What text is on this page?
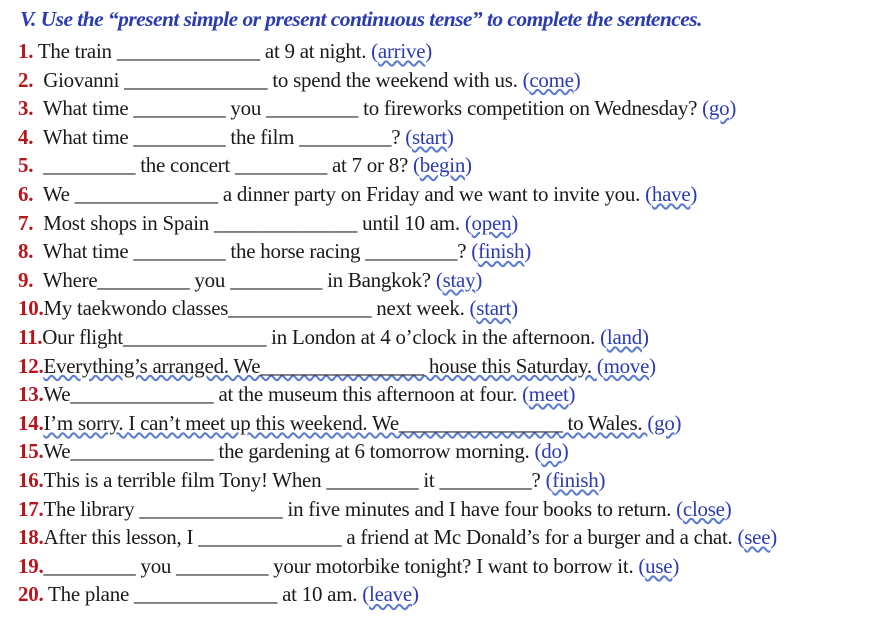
V. Use the “present simple or present continuous tense” to complete the sentences.
1. The train ______________ at 9 at night. (arrive)
2.  Giovanni ______________ to spend the weekend with us. (come)
3.  What time _________ you _________ to fireworks competition on Wednesday? (go)
4.  What time _________ the film _________? (start)
5.  _________ the concert _________ at 7 or 8? (begin)
6.  We ______________ a dinner party on Friday and we want to invite you. (have)
7.  Most shops in Spain ______________ until 10 am. (open)
8.  What time _________ the horse racing _________? (finish)
9.  Where_________ you _________ in Bangkok? (stay)
10.My taekwondo classes______________ next week. (start)
11.Our flight______________ in London at 4 o’clock in the afternoon. (land)
12.Everything’s arranged. We________________ house this Saturday. (move)
13.We______________ at the museum this afternoon at four. (meet)
14.I’m sorry. I can’t meet up this weekend. We________________ to Wales. (go)
15.We______________ the gardening at 6 tomorrow morning. (do)
16.This is a terrible film Tony! When _________ it _________? (finish)
17.The library ______________ in five minutes and I have four books to return. (close)
18.After this lesson, I ______________ a friend at Mc Donald’s for a burger and a chat. (see)
19._________ you _________ your motorbike tonight? I want to borrow it. (use)
20. The plane ______________ at 10 am. (leave)
